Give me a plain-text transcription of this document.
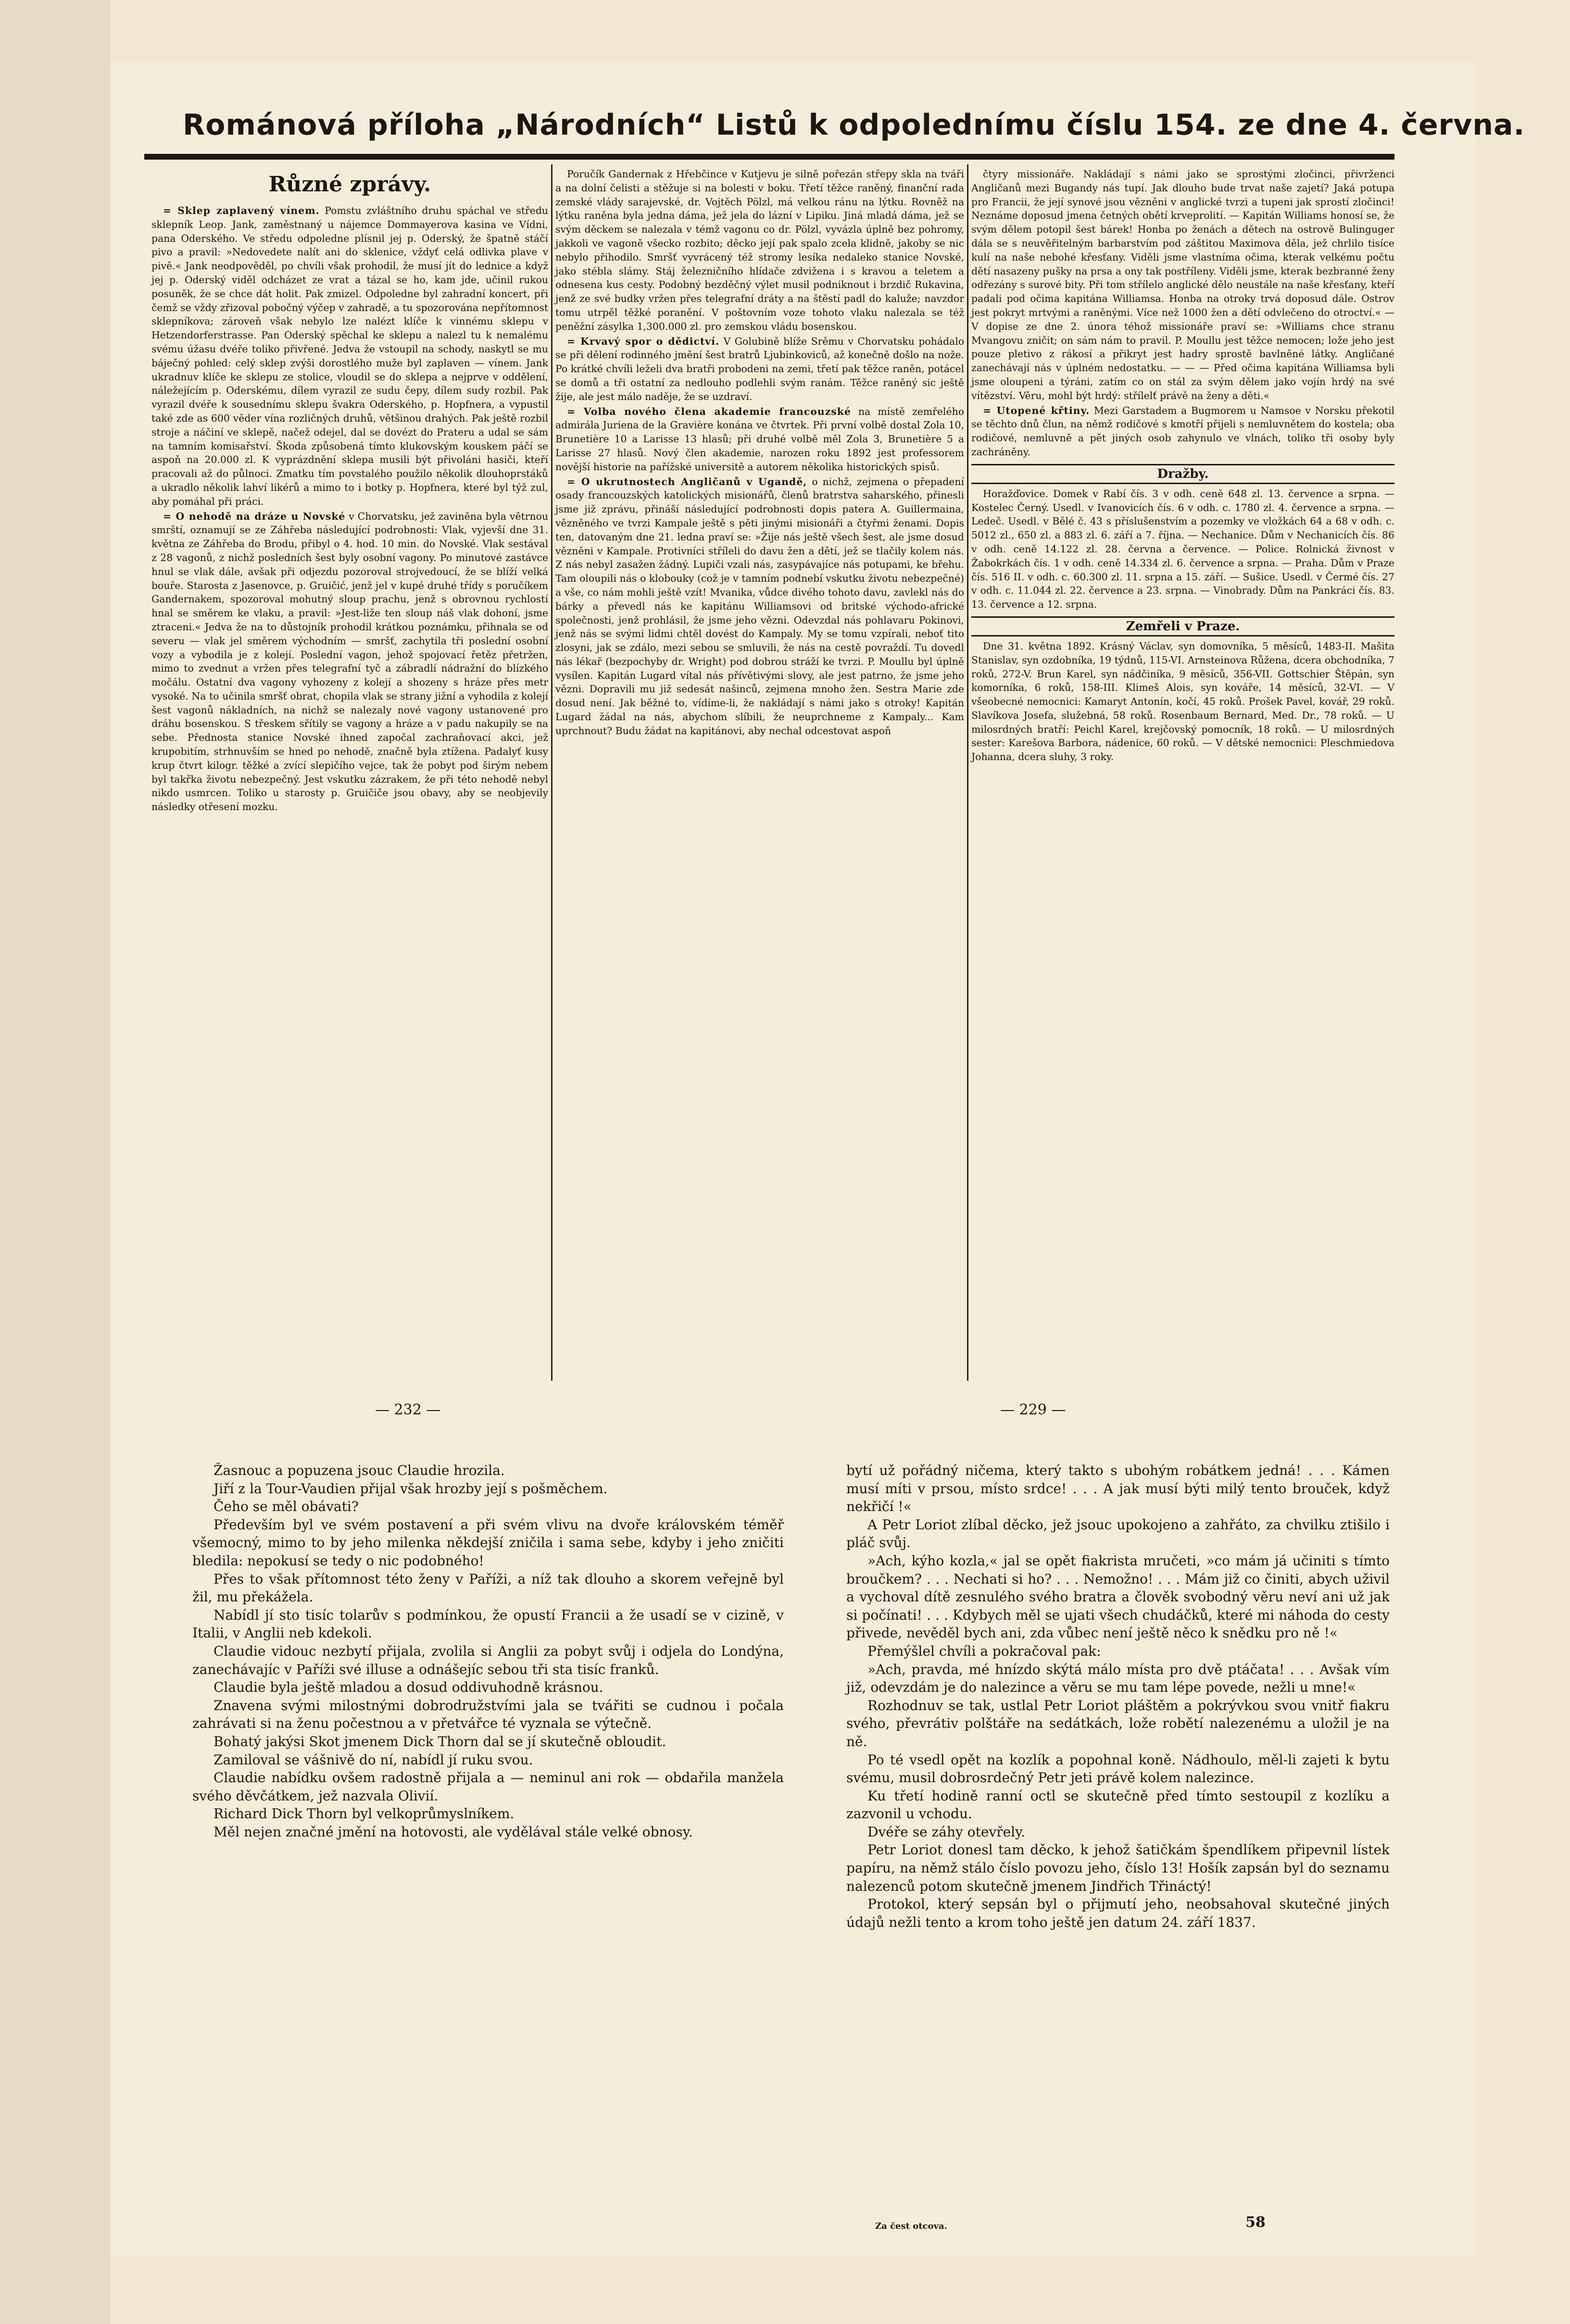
Románová příloha „Národních“ Listů k odpolednímu číslu 154. ze dne 4. června.
Různé zprávy.

= Sklep zaplavený vínem. Pomstu zvláštního druhu spáchal ve středu sklepník Leop. Jank, zaměstnaný u nájemce Dommayerova kasina ve Vídni, pana Oderského. Ve středu odpoledne plísnil jej p. Oderský, že špatně stáčí pivo a pravil: »Nedovedete nalít ani do sklenice, vždyť celá odlivka plave v pivě.« Jank neodpověděl, po chvíli však prohodil, že musí jít do lednice a když jej p. Oderský viděl odcházet ze vrat a tázal se ho, kam jde, učinil rukou posuněk, že se chce dát holit. Pak zmizel. Odpoledne byl zahradní koncert, při čemž se vždy zřizoval pobočný výčep v zahradě, a tu spozorována nepřítomnost sklepníkova; zároveň však nebylo lze nalézt klíče k vinnému sklepu v Hetzendorferstrasse. Pan Oderský spěchal ke sklepu a nalezl tu k nemalému svému úžasu dvéře toliko přivřené. Jedva že vstoupil na schody, naskytl se mu báječný pohled: celý sklep zvýši dorostlého muže byl zaplaven — vínem. Jank ukradnuv klíče ke sklepu ze stolice, vloudil se do sklepa a nejprve v oddělení, náležejícím p. Oderskému, dílem vyrazil ze sudu čepy, dílem sudy rozbil. Pak vyrazil dvéře k sousednímu sklepu švakra Oderského, p. Hopfnera, a vypustil také zde as 600 věder vína rozličných druhů, většinou drahých. Pak ještě rozbil stroje a náčiní ve sklepě, načež odejel, dal se dovézt do Prateru a udal se sám na tamním komisařství. Škoda způsobená tímto klukovským kouskem páčí se aspoň na 20.000 zl. K vyprázdnění sklepa musili být přivoláni hasiči, kteří pracovali až do půlnoci. Zmatku tím povstalého použilo několik dlouhoprstáků a ukradlo několik lahví likérů a mimo to i botky p. Hopfnera, které byl týž zul, aby pomáhal při práci.

= O nehodě na dráze u Novské v Chorvatsku, jež zaviněna byla větrnou smrští, oznamují se ze Záhřeba následující podrobnosti: Vlak, vyjevší dne 31. května ze Záhřeba do Brodu, přibyl o 4. hod. 10 min. do Novské. Vlak sestával z 28 vagonů, z nichž posledních šest byly osobní vagony. Po minutové zastávce hnul se vlak dále, avšak při odjezdu pozoroval strojvedoucí, že se blíží velká bouře. Starosta z Jasenovce, p. Gruičić, jenž jel v kupé druhé třídy s poručíkem Gandernakem, spozoroval mohutný sloup prachu, jenž s obrovnou rychlostí hnal se směrem ke vlaku, a pravil: »Jest-liže ten sloup náš vlak dohoní, jsme ztraceni.« Jedva že na to důstojník prohodil krátkou poznámku, přihnala se od severu — vlak jel směrem východním — smršť, zachytila tři poslední osobní vozy a vybodila je z kolejí. Poslední vagon, jehož spojovací řetěz přetržen, mimo to zvednut a vržen přes telegrafní tyč a zábradlí nádražní do blízkého močálu. Ostatní dva vagony vyhozeny z kolejí a shozeny s hráze přes metr vysoké. Na to učinila smršť obrat, chopila vlak se strany jižní a vyhodila z kolejí šest vagonů nákladních, na nichž se nalezaly nové vagony ustanovené pro dráhu bosenskou. S třeskem sřítily se vagony a hráze a v padu nakupily se na sebe. Přednosta stanice Novské ihned započal zachraňovací akci, jež krupobitím, strhnuvším se hned po nehodě, značně byla ztížena. Padalyť kusy krup čtvrt kilogr. těžké a zvící slepičího vejce, tak že pobyt pod širým nebem byl takřka životu nebezpečný. Jest vskutku zázrakem, že při této nehodě nebyl nikdo usmrcen. Toliko u starosty p. Gruičiče jsou obavy, aby se neobjevily následky otřesení mozku.

Poručík Gandernak z Hřebčince v Kutjevu je silně pořezán střepy skla na tváři a na dolní čelisti a stěžuje si na bolesti v boku. Třetí těžce raněný, finanční rada zemské vlády sarajevské, dr. Vojtěch Pölzl, má velkou ránu na lýtku. Rovněž na lýtku raněna byla jedna dáma, jež jela do lázní v Lipiku. Jiná mladá dáma, jež se svým děckem se nalezala v témž vagonu co dr. Pölzl, vyvázla úplně bez pohromy, jakkoli ve vagoně všecko rozbito; děcko její pak spalo zcela klidně, jakoby se nic nebylo přihodilo. Smršť vyvrácený též stromy lesíka nedaleko stanice Novské, jako stébla slámy. Stáj železničního hlídače zdvižena i s kravou a teletem a odnesena kus cesty. Podobný bezděčný výlet musil podniknout i brzdič Rukavina, jenž ze své budky vržen přes telegrafní dráty a na štěstí padl do kaluže; navzdor tomu utrpěl těžké poranění. V poštovním voze tohoto vlaku nalezala se též peněžní zásylka 1,300.000 zl. pro zemskou vládu bosenskou.

= Krvavý spor o dědictví. V Golubině blíže Srěmu v Chorvatsku pohádalo se při dělení rodinného jmění šest bratrů Ljubinkoviců, až konečně došlo na nože. Po krátké chvíli leželi dva bratři probodeni na zemi, třetí pak těžce raněn, potácel se domů a tři ostatní za nedlouho podlehli svým ranám. Těžce raněný sic ještě žije, ale jest málo naděje, že se uzdraví.

= Volba nového člena akademie francouzské na místě zemřelého admirála Juriena de la Gravière konána ve čtvrtek. Při první volbě dostal Zola 10, Brunetière 10 a Larisse 13 hlasů; při druhé volbě měl Zola 3, Brunetière 5 a Larisse 27 hlasů. Nový člen akademie, narozen roku 1892 jest professorem novější historie na pařížské universitě a autorem několika historických spisů.

= O ukrutnostech Angličanů v Ugandě, o nichž, zejmena o přepadení osady francouzských katolických misionářů, členů bratrstva saharského, přinesli jsme již zprávu, přináší následující podrobnosti dopis patera A. Guillermaina, vězněného ve tvrzi Kampale ještě s pěti jinými misionáři a čtyřmi ženami. Dopis ten, datovaným dne 21. ledna praví se: »Žije nás ještě všech šest, ale jsme dosud vězněni v Kampale. Protivníci stříleli do davu žen a dětí, jež se tlačily kolem nás. Z nás nebyl zasažen žádný. Lupiči vzali nás, zasypávajíce nás potupami, ke břehu. Tam oloupili nás o klobouky (což je v tamním podnebí vskutku životu nebezpečné) a vše, co nám mohli ještě vzít! Mvanika, vůdce divého tohoto davu, zavlekl nás do bárky a převedl nás ke kapitánu Williamsovi od britské východo-africké společnosti, jenž prohlásil, že jsme jeho vězni. Odevzdal nás pohlavaru Pokinovi, jenž nás se svými lidmi chtěl dovést do Kampaly. My se tomu vzpírali, neboť tito zlosyni, jak se zdálo, mezi sebou se smluvili, že nás na cestě povraždí. Tu dovedl nás lékař (bezpochyby dr. Wright) pod dobrou stráží ke tvrzi. P. Moullu byl úplně vysílen. Kapitán Lugard vítal nás přívětivými slovy, ale jest patrno, že jsme jeho vězni. Dopravili mu již sedesát našinců, zejmena mnoho žen. Sestra Marie zde dosud není. Jak běžné to, vídíme-li, že nakládají s námi jako s otroky! Kapitán Lugard žádal na nás, abychom slíbili, že neuprchneme z Kampaly... Kam uprchnout? Budu žádat na kapitánovi, aby nechal odcestovat aspoň

čtyry missionáře. Nakládají s námi jako se sprostými zločinci, přivrženci Angličanů mezi Bugandy nás tupí. Jak dlouho bude trvat naše zajetí? Jaká potupa pro Francii, že její synové jsou vězněni v anglické tvrzi a tupeni jak sprostí zločinci! Neznáme doposud jmena četných obětí krveprolití. — Kapitán Williams honosí se, že svým dělem potopil šest bárek! Honba po ženách a dětech na ostrově Bulinguger dála se s neuvěřitelným barbarstvím pod záštitou Maximova děla, jež chrlilo tisíce kulí na naše nebohé křesťany. Viděli jsme vlastníma očima, kterak velkému počtu dětí nasazeny pušky na prsa a ony tak postříleny. Viděli jsme, kterak bezbranné ženy odřezány s surové bity. Při tom střílelo anglické dělo neustále na naše křesťany, kteří padali pod očima kapitána Williamsa. Honba na otroky trvá doposud dále. Ostrov jest pokryt mrtvými a raněnými. Více než 1000 žen a dětí odvlečeno do otroctví.« — V dopise ze dne 2. února téhož missionáře praví se: »Williams chce stranu Mvangovu zničit; on sám nám to pravil. P. Moullu jest těžce nemocen; lože jeho jest pouze pletivo z rákosí a přikryt jest hadry sprostě bavlněné látky. Angličané zanechávají nás v úplném nedostatku. — — — Před očima kapitána Williamsa byli jsme oloupeni a týráni, zatím co on stál za svým dělem jako vojín hrdý na své vítězství. Věru, mohl být hrdý: střílelť právě na ženy a děti.«

= Utopené křtiny. Mezi Garstadem a Bugmorem u Namsoe v Norsku překotil se těchto dnů člun, na němž rodičové s kmotří přijeli s nemluvnětem do kostela; oba rodičové, nemluvně a pět jiných osob zahynulo ve vlnách, toliko tři osoby byly zachráněny.

Dražby.

Horažďovice. Domek v Rabí čís. 3 v odh. ceně 648 zl. 13. července a srpna. — Kostelec Černý. Usedl. v Ivanovicích čís. 6 v odh. c. 1780 zl. 4. července a srpna. — Ledeč. Usedl. v Bělé č. 43 s příslušenstvím a pozemky ve vložkách 64 a 68 v odh. c. 5012 zl., 650 zl. a 883 zl. 6. září a 7. října. — Nechanice. Dům v Nechanicích čís. 86 v odh. ceně 14.122 zl. 28. června a července. — Police. Rolnická živnost v Žabokrkách čís. 1 v odh. ceně 14.334 zl. 6. července a srpna. — Praha. Dům v Praze čís. 516 II. v odh. c. 60.300 zl. 11. srpna a 15. září. — Sušice. Usedl. v Čermé čís. 27 v odh. c. 11.044 zl. 22. července a 23. srpna. — Vinobrady. Dům na Pankráci čís. 83. 13. července a 12. srpna.

Zemřeli v Praze.

Dne 31. května 1892. Krásný Václav, syn domovníka, 5 měsíců, 1483-II. Mašita Stanislav, syn ozdobníka, 19 týdnů, 115-VI. Arnsteinova Růžena, dcera obchodníka, 7 roků, 272-V. Brun Karel, syn nádčiníka, 9 měsíců, 356-VII. Gottschier Štěpán, syn komorníka, 6 roků, 158-III. Klimeš Alois, syn kováře, 14 měsíců, 32-VI. — V všeobecné nemocnici: Kamaryt Antonín, kočí, 45 roků. Prošek Pavel, kovář, 29 roků. Slavíkova Josefa, služebná, 58 roků. Rosenbaum Bernard, Med. Dr., 78 roků. — U milosrdných bratří: Peichl Karel, krejčovský pomocník, 18 roků. — U milosrdných sester: Karešova Barbora, nádenice, 60 roků. — V dětské nemocnici: Pleschmiedova Johanna, dcera sluhy, 3 roky.

— 232 —	— 229 —

Žasnouc a popuzena jsouc Claudie hrozila.

Jiří z la Tour-Vaudien přijal však hrozby její s pošměchem.

Čeho se měl obávati?

Především byl ve svém postavení a při svém vlivu na dvoře královském téměř všemocný, mimo to by jeho milenka někdejší zničila i sama sebe, kdyby i jeho zničiti bledila: nepokusí se tedy o nic podobného!

Přes to však přítomnost této ženy v Paříži, a níž tak dlouho a skorem veřejně byl žil, mu překážela.

Nabídl jí sto tisíc tolarův s podmínkou, že opustí Francii a že usadí se v cizině, v Italii, v Anglii neb kdekoli.

Claudie vidouc nezbytí přijala, zvolila si Anglii za pobyt svůj i odjela do Londýna, zanechávajíc v Paříži své illuse a odnášejíc sebou tři sta tisíc franků.

Claudie byla ještě mladou a dosud oddivuhodně krásnou.

Znavena svými milostnými dobrodružstvími jala se tvářiti se cudnou i počala zahrávati si na ženu počestnou a v přetvářce té vyznala se výtečně.

Bohatý jakýsi Skot jmenem Dick Thorn dal se jí skutečně obloudit.

Zamiloval se vášnivě do ní, nabídl jí ruku svou.

Claudie nabídku ovšem radostně přijala a — neminul ani rok — obdařila manžela svého děvčátkem, jež nazvala Olivií.

Richard Dick Thorn byl velkoprůmyslníkem.

Měl nejen značné jmění na hotovosti, ale vydělával stále velké obnosy.

bytí už pořádný ničema, který takto s ubohým robátkem jedná! . . . Kámen musí míti v prsou, místo srdce! . . . A jak musí býti milý tento brouček, když nekřičí !«

A Petr Loriot zlíbal děcko, jež jsouc upokojeno a zahřáto, za chvilku ztišilo i pláč svůj.

»Ach, kýho kozla,« jal se opět fiakrista mručeti, »co mám já učiniti s tímto broučkem? . . . Nechati si ho? . . . Nemožno! . . . Mám již co činiti, abych uživil a vychoval dítě zesnulého svého bratra a člověk svobodný věru neví ani už jak si počínati! . . . Kdybych měl se ujati všech chudáčků, které mi náhoda do cesty přivede, nevěděl bych ani, zda vůbec není ještě něco k snědku pro ně !«

Přemýšlel chvíli a pokračoval pak:

»Ach, pravda, mé hnízdo skýtá málo místa pro dvě ptáčata! . . . Avšak vím již, odevzdám je do nalezince a věru se mu tam lépe povede, nežli u mne!«

Rozhodnuv se tak, ustlal Petr Loriot pláštěm a pokrývkou svou vnitř fiakru svého, převrátiv polštáře na sedátkách, lože robětí nalezenému a uložil je na ně.

Po té vsedl opět na kozlík a popohnal koně. Nádhoulo, měl-li zajeti k bytu svému, musil dobrosrdečný Petr jeti právě kolem nalezince.

Ku třetí hodině ranní octl se skutečně před tímto sestoupil z kozlíku a zazvonil u vchodu.

Dvéře se záhy otevřely.

Petr Loriot donesl tam děcko, k jehož šatičkám špendlíkem připevnil lístek papíru, na němž stálo číslo povozu jeho, číslo 13! Hošík zapsán byl do seznamu nalezenců potom skutečně jmenem Jindřich Třináctý!

Protokol, který sepsán byl o přijmutí jeho, neobsahoval skutečné jiných údajů nežli tento a krom toho ještě jen datum 24. září 1837.

Za čest otcova.	58
